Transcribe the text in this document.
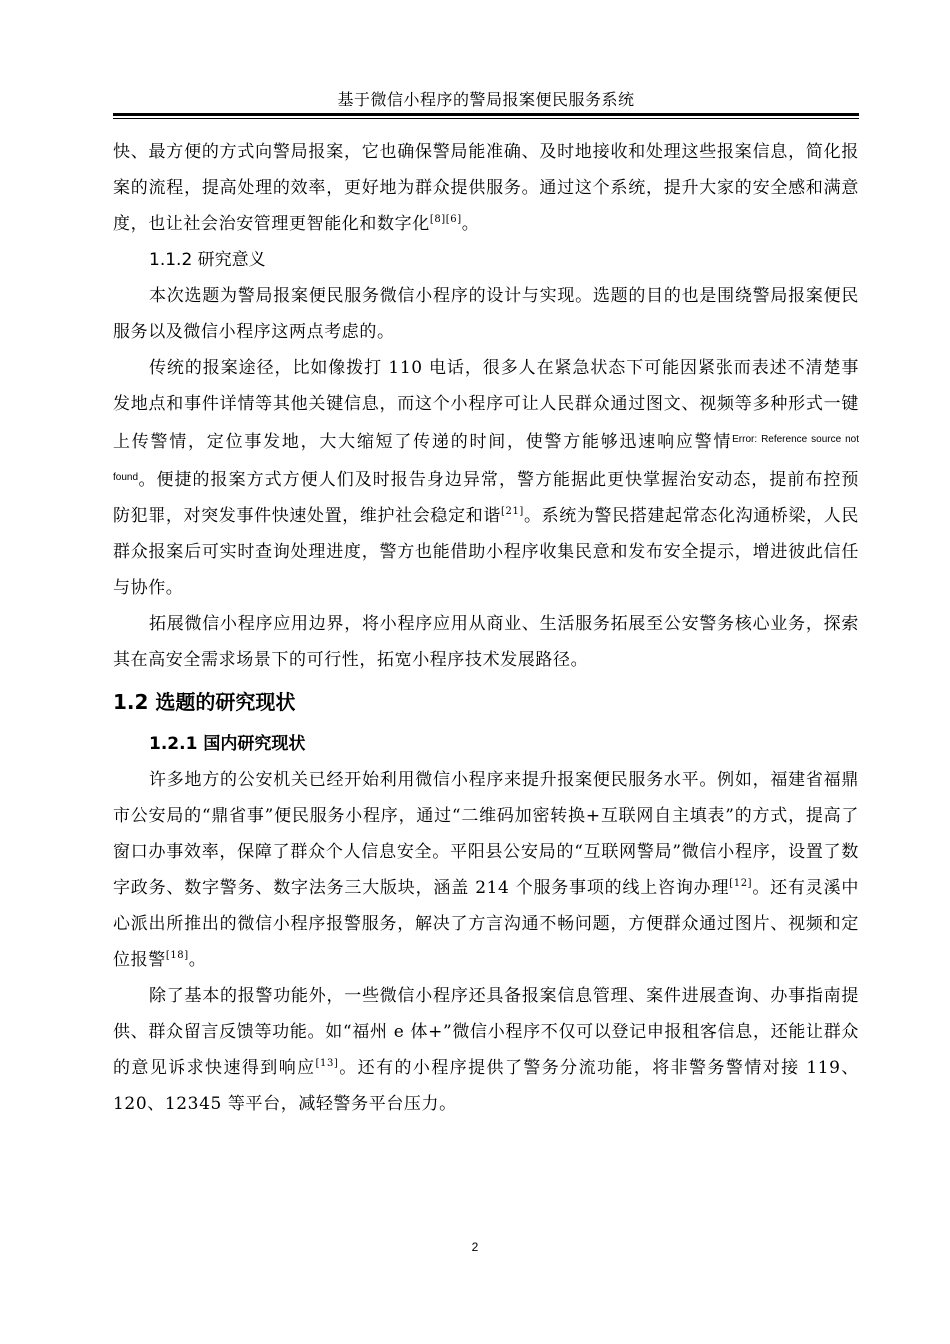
基于微信小程序的警局报案便民服务系统

快、最方便的方式向警局报案，它也确保警局能准确、及时地接收和处理这些报案信息，简化报案的流程，提高处理的效率，更好地为群众提供服务。通过这个系统，提升大家的安全感和满意度，也让社会治安管理更智能化和数字化[8][6]。

1.1.2 研究意义

本次选题为警局报案便民服务微信小程序的设计与实现。选题的目的也是围绕警局报案便民服务以及微信小程序这两点考虑的。

传统的报案途径，比如像拨打 110 电话，很多人在紧急状态下可能因紧张而表述不清楚事发地点和事件详情等其他关键信息，而这个小程序可让人民群众通过图文、视频等多种形式一键上传警情，定位事发地，大大缩短了传递的时间，使警方能够迅速响应警情$^{Error: Reference source not found}$。便捷的报案方式方便人们及时报告身边异常，警方能据此更快掌握治安动态，提前布控预防犯罪，对突发事件快速处置，维护社会稳定和谐[21]。系统为警民搭建起常态化沟通桥梁，人民群众报案后可实时查询处理进度，警方也能借助小程序收集民意和发布安全提示，增进彼此信任与协作。

拓展微信小程序应用边界，将小程序应用从商业、生活服务拓展至公安警务核心业务，探索其在高安全需求场景下的可行性，拓宽小程序技术发展路径。

1.2 选题的研究现状
1.2.1 国内研究现状

许多地方的公安机关已经开始利用微信小程序来提升报案便民服务水平。例如，福建省福鼎市公安局的“鼎省事”便民服务小程序，通过“二维码加密转换+互联网自主填表”的方式，提高了窗口办事效率，保障了群众个人信息安全。平阳县公安局的“互联网警局”微信小程序，设置了数字政务、数字警务、数字法务三大版块，涵盖 214 个服务事项的线上咨询办理[12]。还有灵溪中心派出所推出的微信小程序报警服务，解决了方言沟通不畅问题，方便群众通过图片、视频和定位报警[18]。

除了基本的报警功能外，一些微信小程序还具备报案信息管理、案件进展查询、办事指南提供、群众留言反馈等功能。如“福州 e 体+”微信小程序不仅可以登记申报租客信息，还能让群众的意见诉求快速得到响应[13]。还有的小程序提供了警务分流功能，将非警务警情对接 119、120、12345 等平台，减轻警务平台压力。

2
